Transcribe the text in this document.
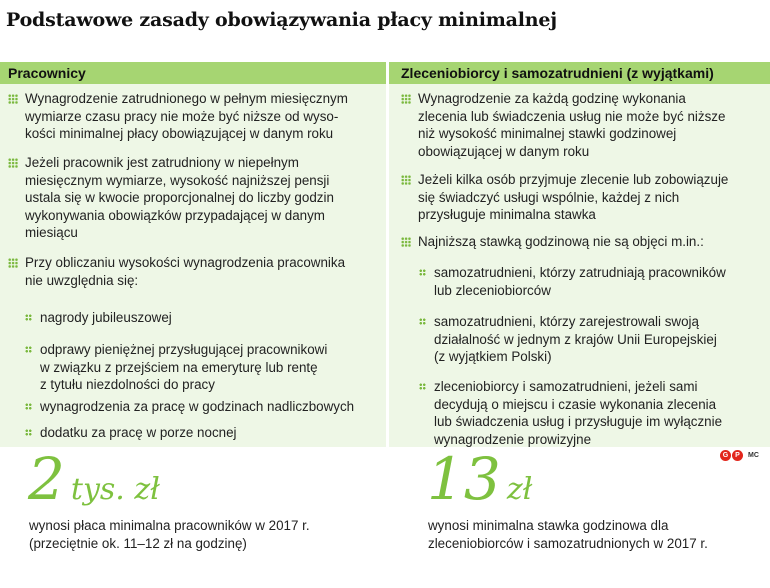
Podstawowe zasady obowiązywania płacy minimalnej
Pracownicy
Wynagrodzenie zatrudnionego w pełnym miesięcznym
wymiarze czasu pracy nie może być niższe od wyso-
kości minimalnej płacy obowiązującej w danym roku
Jeżeli pracownik jest zatrudniony w niepełnym
miesięcznym wymiarze, wysokość najniższej pensji
ustala się w kwocie proporcjonalnej do liczby godzin
wykonywania obowiązków przypadającej w danym
miesiącu
Przy obliczaniu wysokości wynagrodzenia pracownika
nie uwzględnia się:
nagrody jubileuszowej
odprawy pieniężnej przysługującej pracownikowi
w związku z przejściem na emeryturę lub rentę
z tytułu niezdolności do pracy
wynagrodzenia za pracę w godzinach nadliczbowych
dodatku za pracę w porze nocnej
Zleceniobiorcy i samozatrudnieni (z wyjątkami)
Wynagrodzenie za każdą godzinę wykonania
zlecenia lub świadczenia usług nie może być niższe
niż wysokość minimalnej stawki godzinowej
obowiązującej w danym roku
Jeżeli kilka osób przyjmuje zlecenie lub zobowiązuje
się świadczyć usługi wspólnie, każdej z nich
przysługuje minimalna stawka
Najniższą stawką godzinową nie są objęci m.in.:
samozatrudnieni, którzy zatrudniają pracowników
lub zleceniobiorców
samozatrudnieni, którzy zarejestrowali swoją
działalność w jednym z krajów Unii Europejskiej
(z wyjątkiem Polski)
zleceniobiorcy i samozatrudnieni, jeżeli sami
decydują o miejscu i czasie wykonania zlecenia
lub świadczenia usług i przysługuje im wyłącznie
wynagrodzenie prowizyjne
2 tys. zł
wynosi płaca minimalna pracowników w 2017 r.
(przeciętnie ok. 11–12 zł na godzinę)
13 zł
wynosi minimalna stawka godzinowa dla
zleceniobiorców i samozatrudnionych w 2017 r.
G P	MC
